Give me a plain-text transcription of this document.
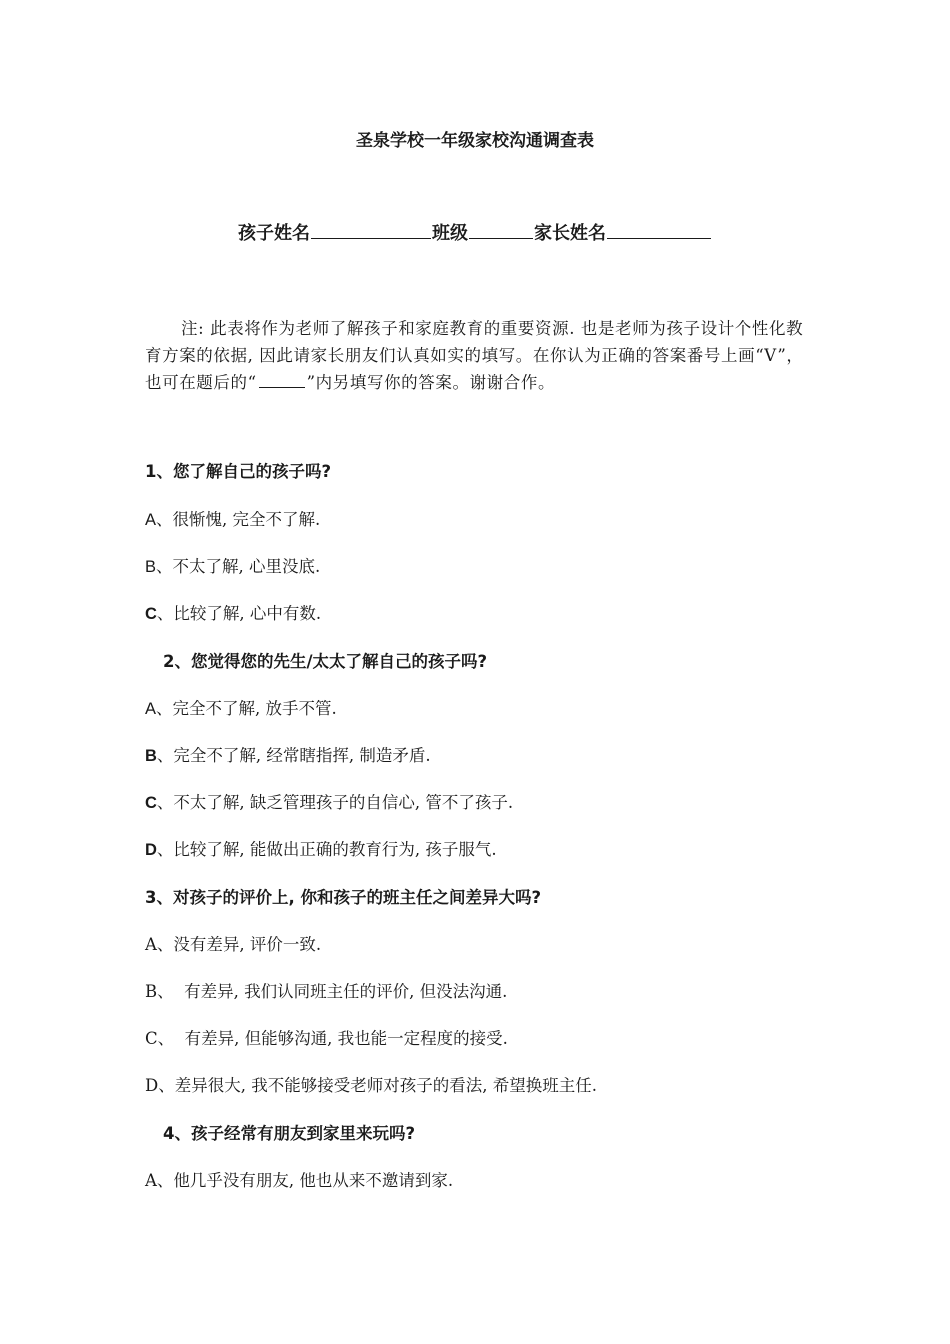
圣泉学校一年级家校沟通调查表
孩子姓名	班级	家长姓名
注: 此表将作为老师了解孩子和家庭教育的重要资源. 也是老师为孩子设计个性化教育方案的依据, 因此请家长朋友们认真如实的填写。在你认为正确的答案番号上画“V”，也可在题后的“	”内另填写你的答案。谢谢合作。
1、您了解自己的孩子吗?
A、很惭愧, 完全不了解.
B、不太了解, 心里没底.
C、比较了解, 心中有数.
2、您觉得您的先生/太太了解自己的孩子吗?
A、完全不了解, 放手不管.
B、完全不了解, 经常瞎指挥, 制造矛盾.
C、不太了解, 缺乏管理孩子的自信心, 管不了孩子.
D、比较了解, 能做出正确的教育行为, 孩子服气.
3、对孩子的评价上, 你和孩子的班主任之间差异大吗?
A、没有差异, 评价一致.
B、  有差异, 我们认同班主任的评价, 但没法沟通.
C、  有差异, 但能够沟通, 我也能一定程度的接受.
D、差异很大, 我不能够接受老师对孩子的看法, 希望换班主任.
4、孩子经常有朋友到家里来玩吗?
A、他几乎没有朋友, 他也从来不邀请到家.
